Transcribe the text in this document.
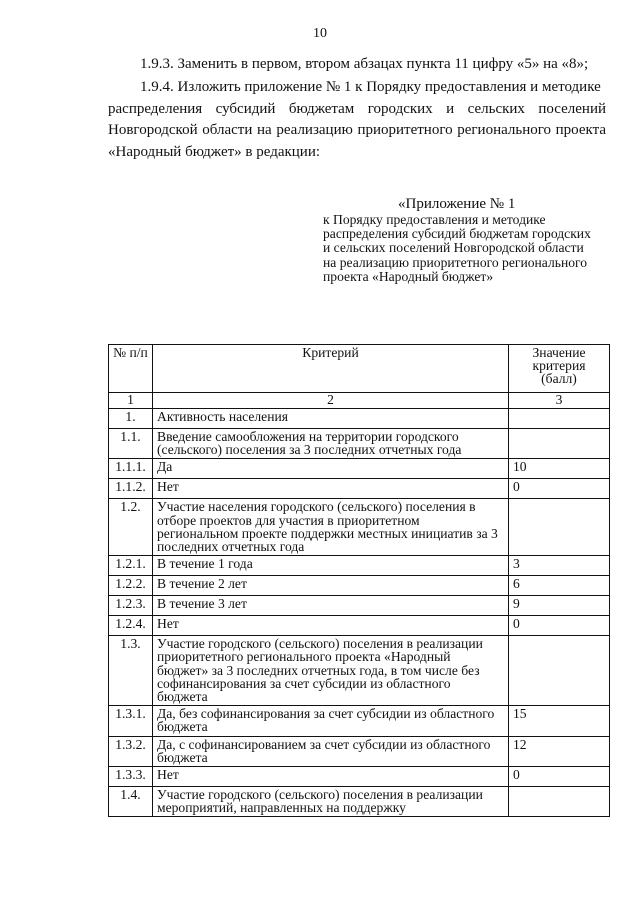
10
1.9.3. Заменить в первом, втором абзацах пункта 11 цифру «5» на «8»;
1.9.4. Изложить приложение № 1 к Порядку предоставления и методике
распределения субсидий бюджетам городских и сельских поселений Новгородской области на реализацию приоритетного регионального проекта «Народный бюджет» в редакции:
«Приложение № 1
к Порядку предоставления и методике распределения субсидий бюджетам городских и сельских поселений Новгородской области на реализацию приоритетного регионального проекта «Народный бюджет»
№ п/п	Критерий	Значение критерия (балл)
1	2	3
1.	Активность населения	
1.1.	Введение самообложения на территории городского (сельского) поселения за 3 последних отчетных года	
1.1.1.	Да	10
1.1.2.	Нет	0
1.2.	Участие населения городского (сельского) поселения в отборе проектов для участия в приоритетном региональном проекте поддержки местных инициатив за 3 последних отчетных года	
1.2.1.	В течение 1 года	3
1.2.2.	В течение 2 лет	6
1.2.3.	В течение 3 лет	9
1.2.4.	Нет	0
1.3.	Участие городского (сельского) поселения в реализации приоритетного регионального проекта «Народный бюджет» за 3 последних отчетных года, в том числе без софинансирования за счет субсидии из областного бюджета	
1.3.1.	Да, без софинансирования за счет субсидии из областного бюджета	15
1.3.2.	Да, с софинансированием за счет субсидии из областного бюджета	12
1.3.3.	Нет	0
1.4.	Участие городского (сельского) поселения в реализации мероприятий, направленных на поддержку	
